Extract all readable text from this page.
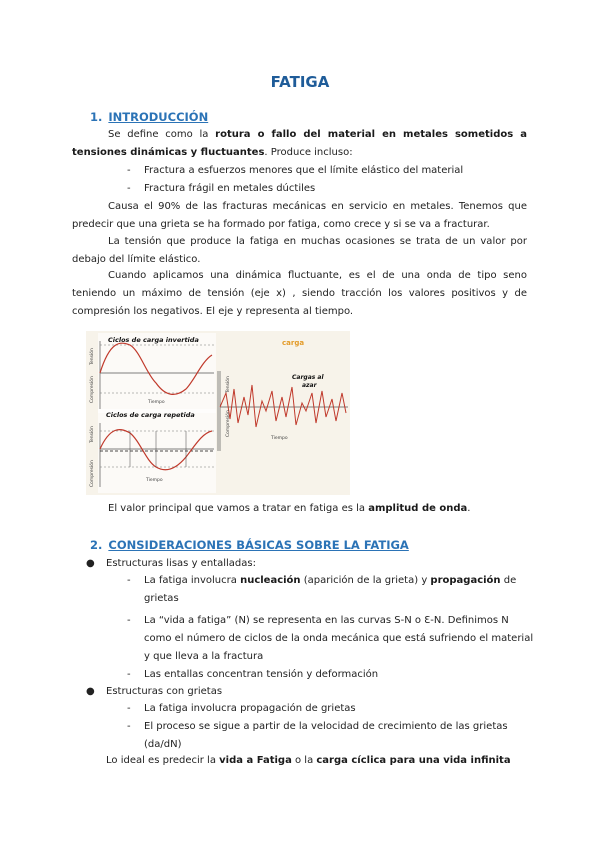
FATIGA
1. INTRODUCCIÓN

Se define como la rotura o fallo del material en metales sometidos a tensiones dinámicas y fluctuantes. Produce incluso:

- Fractura a esfuerzos menores que el límite elástico del material

- Fractura frágil en metales dúctiles

Causa el 90% de las fracturas mecánicas en servicio en metales. Tenemos que predecir que una grieta se ha formado por fatiga, como crece y si se va a fracturar.

La tensión que produce la fatiga en muchas ocasiones se trata de un valor por debajo del límite elástico.

Cuando aplicamos una dinámica fluctuante, es el de una onda de tipo seno teniendo un máximo de tensión (eje x) , siendo tracción los valores positivos y de compresión los negativos. El eje y representa al tiempo.

Ciclos de carga invertida
Tiempo
Tensión
Compresión
Ciclos de carga repetida
Tiempo
Tensión
Compresión
carga
Cargas al
azar
Tiempo
Tensión
Compresión

El valor principal que vamos a tratar en fatiga es la amplitud de onda.

2. CONSIDERACIONES BÁSICAS SOBRE LA FATIGA

● Estructuras lisas y entalladas:

- La fatiga involucra nucleación (aparición de la grieta) y propagación de

grietas

- La “vida a fatiga” (N) se representa en las curvas S-N o Ɛ-N. Definimos N

como el número de ciclos de la onda mecánica que está sufriendo el material

y que lleva a la fractura

- Las entallas concentran tensión y deformación

● Estructuras con grietas

- La fatiga involucra propagación de grietas

- El proceso se sigue a partir de la velocidad de crecimiento de las grietas

(da/dN)

Lo ideal es predecir la vida a Fatiga o la carga cíclica para una vida infinita
